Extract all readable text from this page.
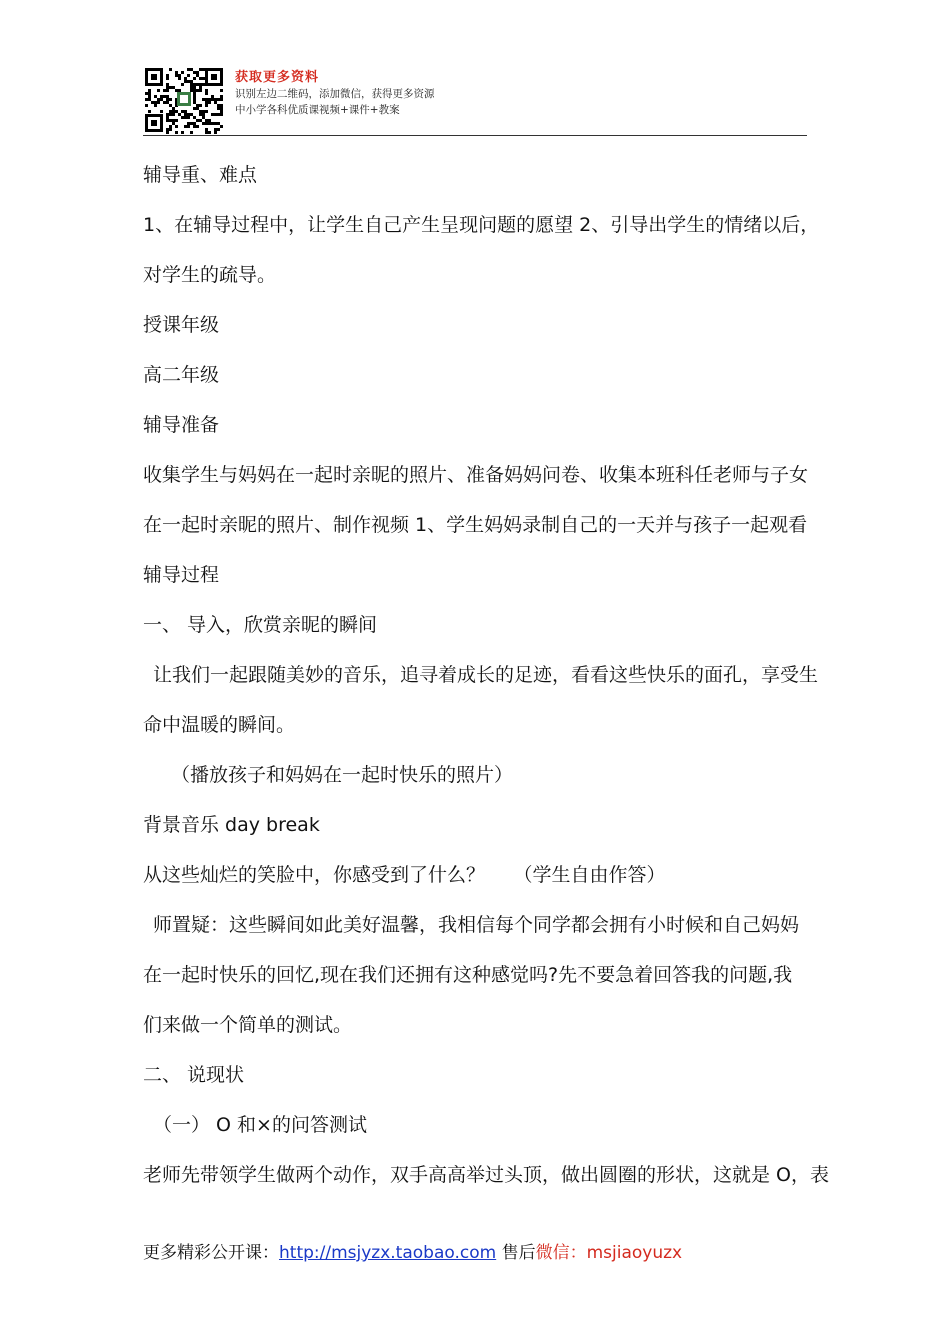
获取更多资料
识别左边二维码，添加微信，获得更多资源
中小学各科优质课视频+课件+教案
辅导重、难点
1、在辅导过程中，让学生自己产生呈现问题的愿望 2、引导出学生的情绪以后，
对学生的疏导。
授课年级
高二年级
辅导准备
收集学生与妈妈在一起时亲昵的照片、准备妈妈问卷、收集本班科任老师与子女
在一起时亲昵的照片、制作视频 1、学生妈妈录制自己的一天并与孩子一起观看
辅导过程
一、 导入，欣赏亲昵的瞬间
让我们一起跟随美妙的音乐，追寻着成长的足迹，看看这些快乐的面孔，享受生
命中温暖的瞬间。
（播放孩子和妈妈在一起时快乐的照片）
背景音乐 day break
从这些灿烂的笑脸中，你感受到了什么？　　（学生自由作答）
师置疑：这些瞬间如此美好温馨，我相信每个同学都会拥有小时候和自己妈妈
在一起时快乐的回忆,现在我们还拥有这种感觉吗?先不要急着回答我的问题,我
们来做一个简单的测试。
二、 说现状
（一） O 和×的问答测试
老师先带领学生做两个动作，双手高高举过头顶，做出圆圈的形状，这就是 O，表
更多精彩公开课：http://msjyzx.taobao.com 售后微信：msjiaoyuzx
